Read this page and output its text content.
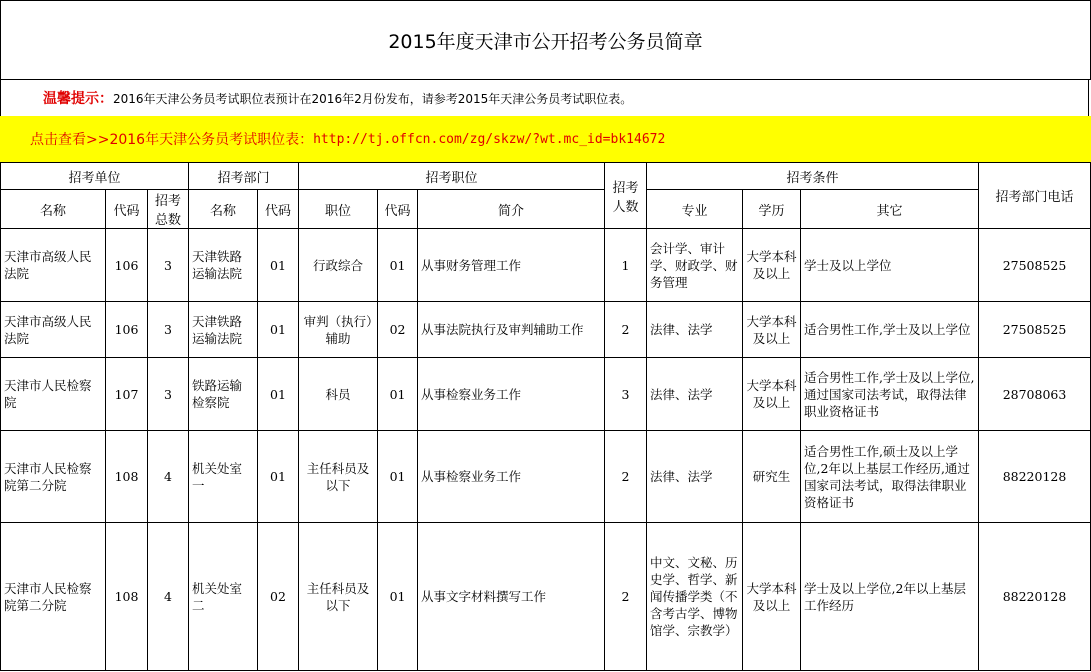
2015年度天津市公开招考公务员简章
温馨提示： 2016年天津公务员考试职位表预计在2016年2月份发布，请参考2015年天津公务员考试职位表。
点击查看>>2016年天津公务员考试职位表： http://tj.offcn.com/zg/skzw/?wt.mc_id=bk14672
招考单位			招考部门		招考职位			招考人数	招考条件			招考部门电话
名称	代码	招考总数	名称	代码	职位	代码	简介		专业	学历	其它	
天津市高级人民法院	106	3	天津铁路运输法院	01	行政综合	01	从事财务管理工作	1	会计学、审计学、财政学、财务管理	大学本科及以上	学士及以上学位	27508525
天津市高级人民法院	106	3	天津铁路运输法院	01	审判（执行）辅助	02	从事法院执行及审判辅助工作	2	法律、法学	大学本科及以上	适合男性工作,学士及以上学位	27508525
天津市人民检察院	107	3	铁路运输检察院	01	科员	01	从事检察业务工作	3	法律、法学	大学本科及以上	适合男性工作,学士及以上学位,通过国家司法考试，取得法律职业资格证书	28708063
天津市人民检察院第二分院	108	4	机关处室一	01	主任科员及以下	01	从事检察业务工作	2	法律、法学	研究生	适合男性工作,硕士及以上学位,2年以上基层工作经历,通过国家司法考试，取得法律职业资格证书	88220128
天津市人民检察院第二分院	108	4	机关处室二	02	主任科员及以下	01	从事文字材料撰写工作	2	中文、文秘、历史学、哲学、新闻传播学类（不含考古学、博物馆学、宗教学）	大学本科及以上	学士及以上学位,2年以上基层工作经历	88220128
